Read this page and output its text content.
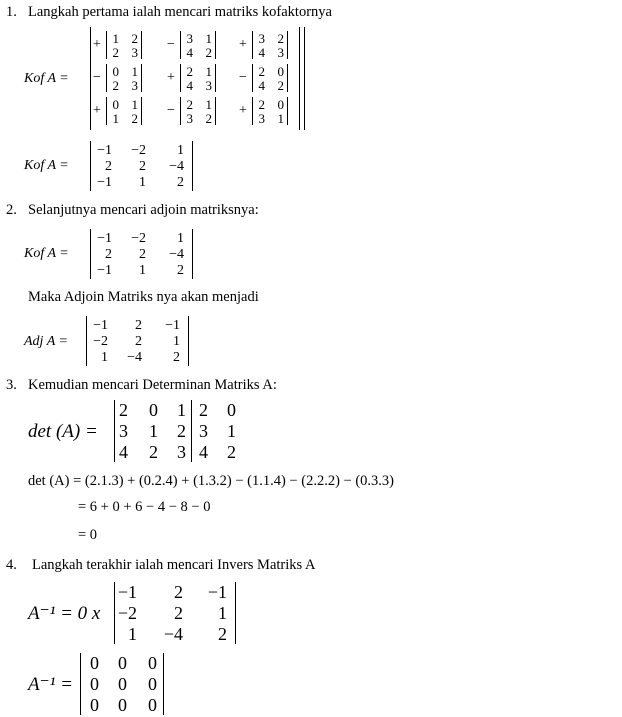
1. Langkah pertama ialah mencari matriks kofaktornya
Kof A =
+ 1 2
2 3
− 3 1
4 2
+ 3 2
4 3
− 0 1
2 3
+ 2 1
4 3
− 2 0
4 2
+ 0 1
1 2
− 2 1
3 2
+ 2 0
3 1
Kof A =
−1 −2 1
2 2 −4
−1 1 2
2. Selanjutnya mencari adjoin matriksnya:
Kof A =
−1 −2 1
2 2 −4
−1 1 2
Maka Adjoin Matriks nya akan menjadi
Adj A =
−1 2 −1
−2 2 1
1 −4 2
3. Kemudian mencari Determinan Matriks A:
det (A) =
2 0 1
3 1 2
4 2 3
2 0
3 1
4 2
det (A) = (2.1.3) + (0.2.4) + (1.3.2) − (1.1.4) − (2.2.2) − (0.3.3)
= 6 + 0 + 6 − 4 − 8 − 0
= 0
4. Langkah terakhir ialah mencari Invers Matriks A
A⁻¹ = 0 x
−1 2 −1
−2 2 1
1 −4 2
A⁻¹ =
0 0 0
0 0 0
0 0 0
